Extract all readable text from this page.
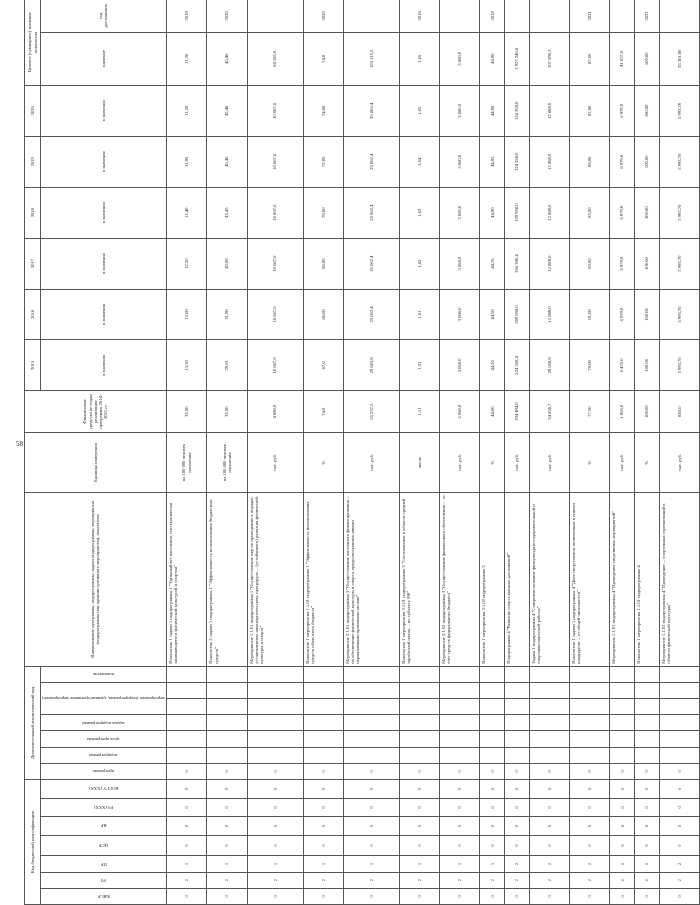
58
Код бюджетной классификации							Дополнительный аналитический код							Наименование программы, подпрограммы, задачи подпрограммы, мероприятия (подпрограммы или административного мероприятия), показателя	Единица измерения	Финансовые средства по годам реализации программы 2014-2021 гг.	2015	2016	2017	2018	2019	2020	Целевое (суммарное) значение показателя	

КВСР	РЗ	ПР	ЦСР	ВР	РЗ (ХХХ)	КОСГУ (ХХХ)	программа	подпрограмма	цель программы	задача подпрограммы	мероприятие (подпрограмма, административное мероприятие)		показатель				в значения	в значения	в значения	в значения	в значения	в значения	значение	год достижения

0	2	1	0	0	0	0	0							Показатель 1 задачи 1 подпрограммы 1 "Удельный вес населения, систематически занимающегося физической культурой и спортом"	на 100 000 человек населения	35,50	13,50	12,60	12,50	11,40	11,95	11,20	11,20	2019
0	2	1	0	0	0	0	0							Показатель 2 задачи 1 подпрограммы 1 "Эффективность использования бюджетных средств"	на 100 000 человек населения	35,50	29,61	31,90	45,00	45,45	45,46	45,46	45,46	2020
0	2	1	0	0	0	0	0							Мероприятие 1.1.01 подпрограммы 1 "Осуществление мер по проведению в порядке, установленном законодательством, процедуры ... (устойчивого) развития физической культуры и спорта"	тыс. руб.	4 080,0	10 667,6	10 667,6	10 667,6	10 667,6	10 667,6	10 667,6	64 185,6	
0	2	1	0	0	0	0	0							Показатель 1 мероприятия 1.1.01 подпрограммы 1 "Эффективность использования средств областного бюджета"	%	74,0	67,0	60,00	80,00	70,00	72,00	74,00	74,0	2020
0	2	1	0	0	0	0	0							Мероприятие 3.1.01 подпрограммы 3 "Осуществление частичного финансирования ... на обеспечение физической культуры и спорта, предусмотренных иными нормативными правовыми актами"	тыс. руб.	55 237,5	29 603,8	25 062,4	25 062,4	25 062,4	25 062,4	25 062,4	163 115,5	
0	2	1	0	0	0	0	0							Показатель 1 мероприятия 3.1.01 подпрограммы 3 "Соотношение в области средней заработной платы ... по субъекту РФ"	число	1,11	1,51	1,61	1,62	1,63	1,64	1,65	1,65	2016
0	2	1	0	0	0	0	0							Мероприятие 3.1.02 подпрограммы 3 "Осуществление финансового обеспечения ... за счет средств федерального бюджета"	тыс. руб.	5 060,0	3 060,0	3 060,0	3 060,0	3 060,0	3 060,0	3 060,0	3 060,0	
0	2	1	0	0	0	0	0							Показатель 1 мероприятия 3.1.02 подпрограммы 3	%	44,00	44,20	44,50	44,70	44,90	44,95	44,90	44,90	2018
0	2	2	0	0	0	0	0							Подпрограмма 4 "Развитие спорта высших достижений"	тыс. руб.	194 494,0	224 358,4	269 858,0	266 306,4	139 958,0	124 358,0	124 358,0	1 927 240,6	
0	2	2	0	0	0	0	0							Задача 1 подпрограммы 4 "Совершенствование физкультурно-оздоровительной и спортивно-массовой работы"	тыс. руб.	34 656,7	29 658,9	12 889,0	12 889,0	12 889,0	12 889,0	12 889,0	107 596,3	
0	2	2	0	0	0	0	0							Показатель 1 задачи 1 подпрограммы 4 "Доля спортсменов, включенных в списки кандидатов ... от общей численности"	%	77,50	79,00	81,00	83,00	85,00	86,00	87,00	87,00	2021
0	2	2	0	0	0	0	0							Мероприятие 1.1.01 подпрограммы 4 "Проведение спортивных мероприятий"	тыс. руб.	1 065,0	6 470,0	6 979,0	6 979,0	6 979,0	6 979,0	6 979,0	41 657,0	
0	2	2	0	0	0	0	0							Показатель 1 мероприятия 1.1.01 подпрограммы 4	%	100,00	100,00	100,00	100,00	100,00	100,00	100,00	100,00	2021
0	2	2	0	0	0	0	0							Мероприятие 1.1.02 подпрограммы 4 "Проведение ... спортивных соревнований в области физической культуры"	тыс. руб.	883,0	5 993,70	5 993,70	5 993,70	5 993,70	5 993,70	5 993,70	35 301,00	
